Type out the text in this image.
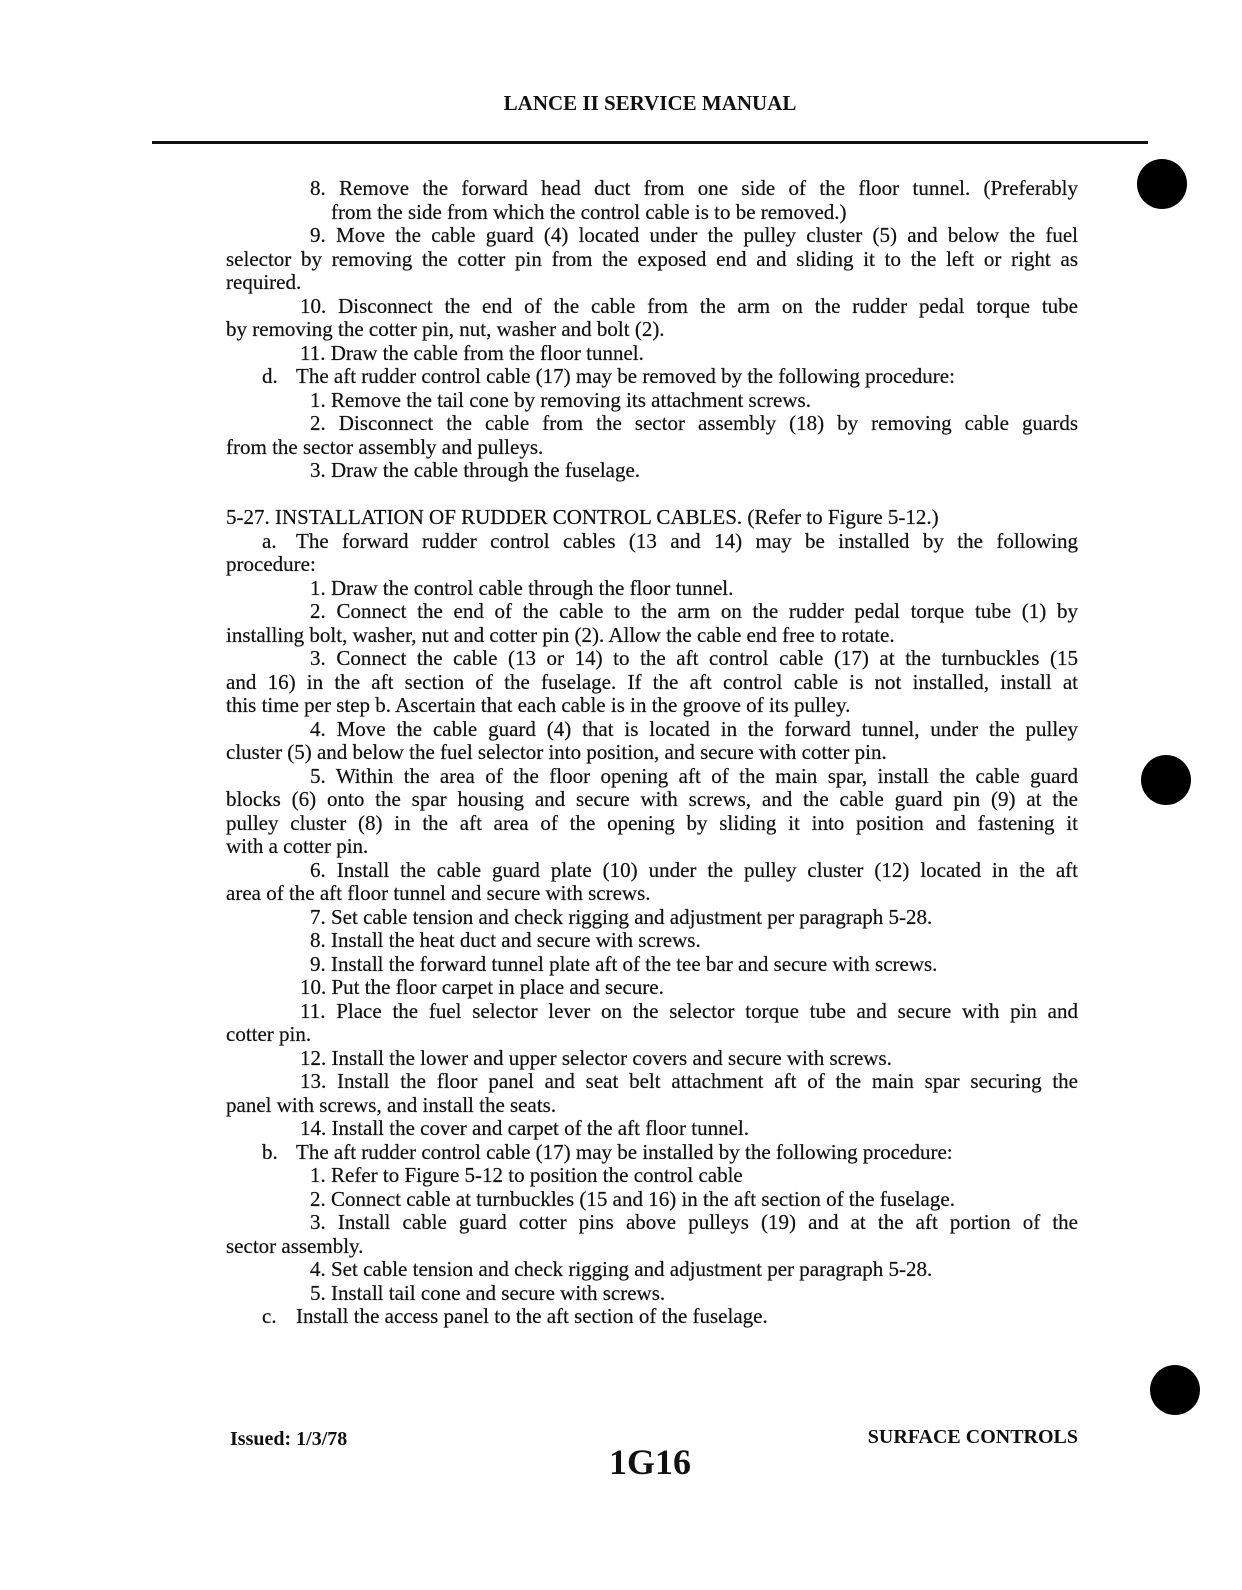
LANCE II SERVICE MANUAL
8. Remove the forward head duct from one side of the floor tunnel. (Preferably
from the side from which the control cable is to be removed.)
9. Move the cable guard (4) located under the pulley cluster (5) and below the fuel
selector by removing the cotter pin from the exposed end and sliding it to the left or right as
required.
10. Disconnect the end of the cable from the arm on the rudder pedal torque tube
by removing the cotter pin, nut, washer and bolt (2).
11. Draw the cable from the floor tunnel.
d. The aft rudder control cable (17) may be removed by the following procedure:
1. Remove the tail cone by removing its attachment screws.
2. Disconnect the cable from the sector assembly (18) by removing cable guards
from the sector assembly and pulleys.
3. Draw the cable through the fuselage.
5-27. INSTALLATION OF RUDDER CONTROL CABLES. (Refer to Figure 5-12.)
a. The forward rudder control cables (13 and 14) may be installed by the following
procedure:
1. Draw the control cable through the floor tunnel.
2. Connect the end of the cable to the arm on the rudder pedal torque tube (1) by
installing bolt, washer, nut and cotter pin (2). Allow the cable end free to rotate.
3. Connect the cable (13 or 14) to the aft control cable (17) at the turnbuckles (15
and 16) in the aft section of the fuselage. If the aft control cable is not installed, install at
this time per step b. Ascertain that each cable is in the groove of its pulley.
4. Move the cable guard (4) that is located in the forward tunnel, under the pulley
cluster (5) and below the fuel selector into position, and secure with cotter pin.
5. Within the area of the floor opening aft of the main spar, install the cable guard
blocks (6) onto the spar housing and secure with screws, and the cable guard pin (9) at the
pulley cluster (8) in the aft area of the opening by sliding it into position and fastening it
with a cotter pin.
6. Install the cable guard plate (10) under the pulley cluster (12) located in the aft
area of the aft floor tunnel and secure with screws.
7. Set cable tension and check rigging and adjustment per paragraph 5-28.
8. Install the heat duct and secure with screws.
9. Install the forward tunnel plate aft of the tee bar and secure with screws.
10. Put the floor carpet in place and secure.
11. Place the fuel selector lever on the selector torque tube and secure with pin and
cotter pin.
12. Install the lower and upper selector covers and secure with screws.
13. Install the floor panel and seat belt attachment aft of the main spar securing the
panel with screws, and install the seats.
14. Install the cover and carpet of the aft floor tunnel.
b. The aft rudder control cable (17) may be installed by the following procedure:
1. Refer to Figure 5-12 to position the control cable
2. Connect cable at turnbuckles (15 and 16) in the aft section of the fuselage.
3. Install cable guard cotter pins above pulleys (19) and at the aft portion of the
sector assembly.
4. Set cable tension and check rigging and adjustment per paragraph 5-28.
5. Install tail cone and secure with screws.
c. Install the access panel to the aft section of the fuselage.
Issued: 1/3/78
1G16
SURFACE CONTROLS
